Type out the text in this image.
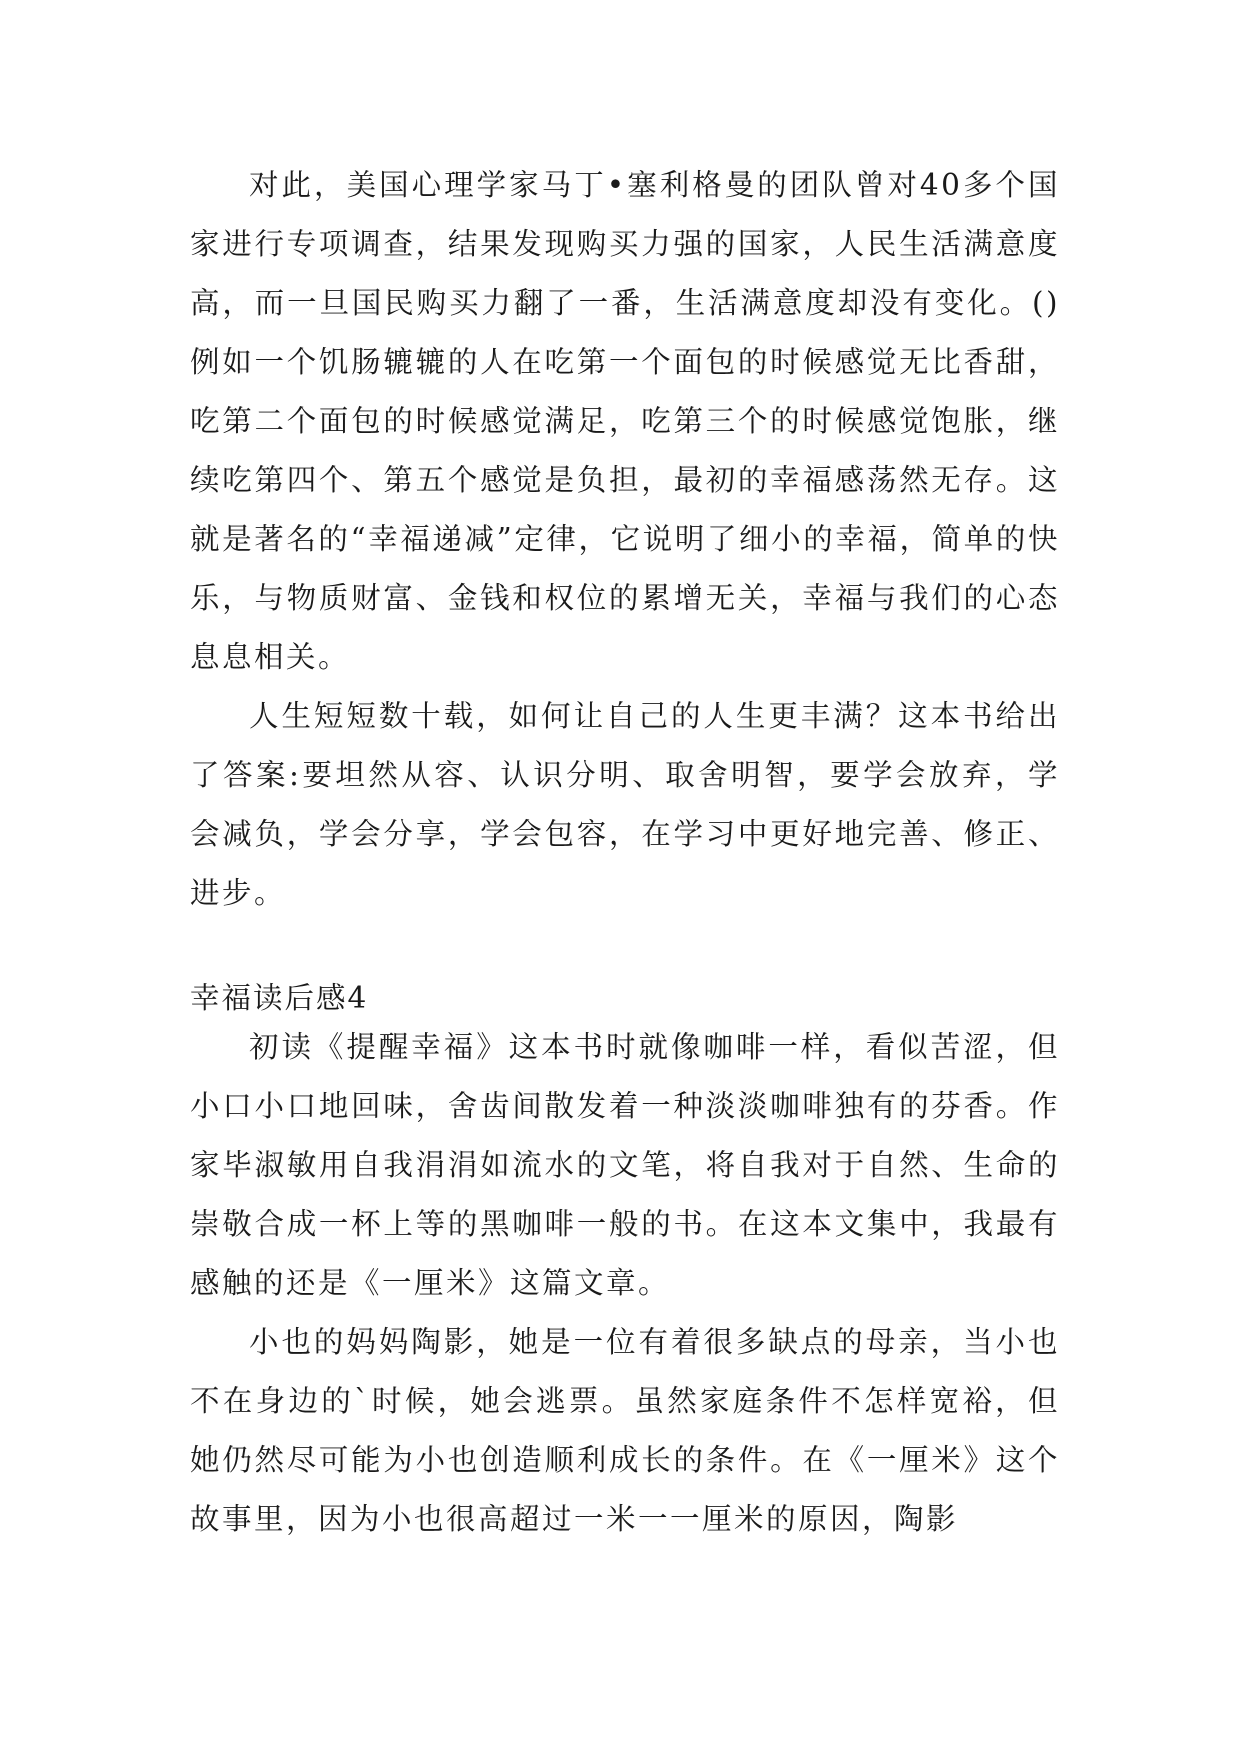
对此，美国心理学家马丁•塞利格曼的团队曾对40多个国家进行专项调查，结果发现购买力强的国家，人民生活满意度高，而一旦国民购买力翻了一番，生活满意度却没有变化。()例如一个饥肠辘辘的人在吃第一个面包的时候感觉无比香甜，吃第二个面包的时候感觉满足，吃第三个的时候感觉饱胀，继续吃第四个、第五个感觉是负担，最初的幸福感荡然无存。这就是著名的“幸福递减”定律，它说明了细小的幸福，简单的快乐，与物质财富、金钱和权位的累增无关，幸福与我们的心态息息相关。

人生短短数十载，如何让自己的人生更丰满？这本书给出了答案:要坦然从容、认识分明、取舍明智，要学会放弃，学会减负，学会分享，学会包容，在学习中更好地完善、修正、进步。

幸福读后感4

初读《提醒幸福》这本书时就像咖啡一样，看似苦涩，但小口小口地回味，舍齿间散发着一种淡淡咖啡独有的芬香。作家毕淑敏用自我涓涓如流水的文笔，将自我对于自然、生命的崇敬合成一杯上等的黑咖啡一般的书。在这本文集中，我最有感触的还是《一厘米》这篇文章。

小也的妈妈陶影，她是一位有着很多缺点的母亲，当小也不在身边的`时候，她会逃票。虽然家庭条件不怎样宽裕，但她仍然尽可能为小也创造顺利成长的条件。在《一厘米》这个故事里，因为小也很高超过一米一一厘米的原因，陶影
